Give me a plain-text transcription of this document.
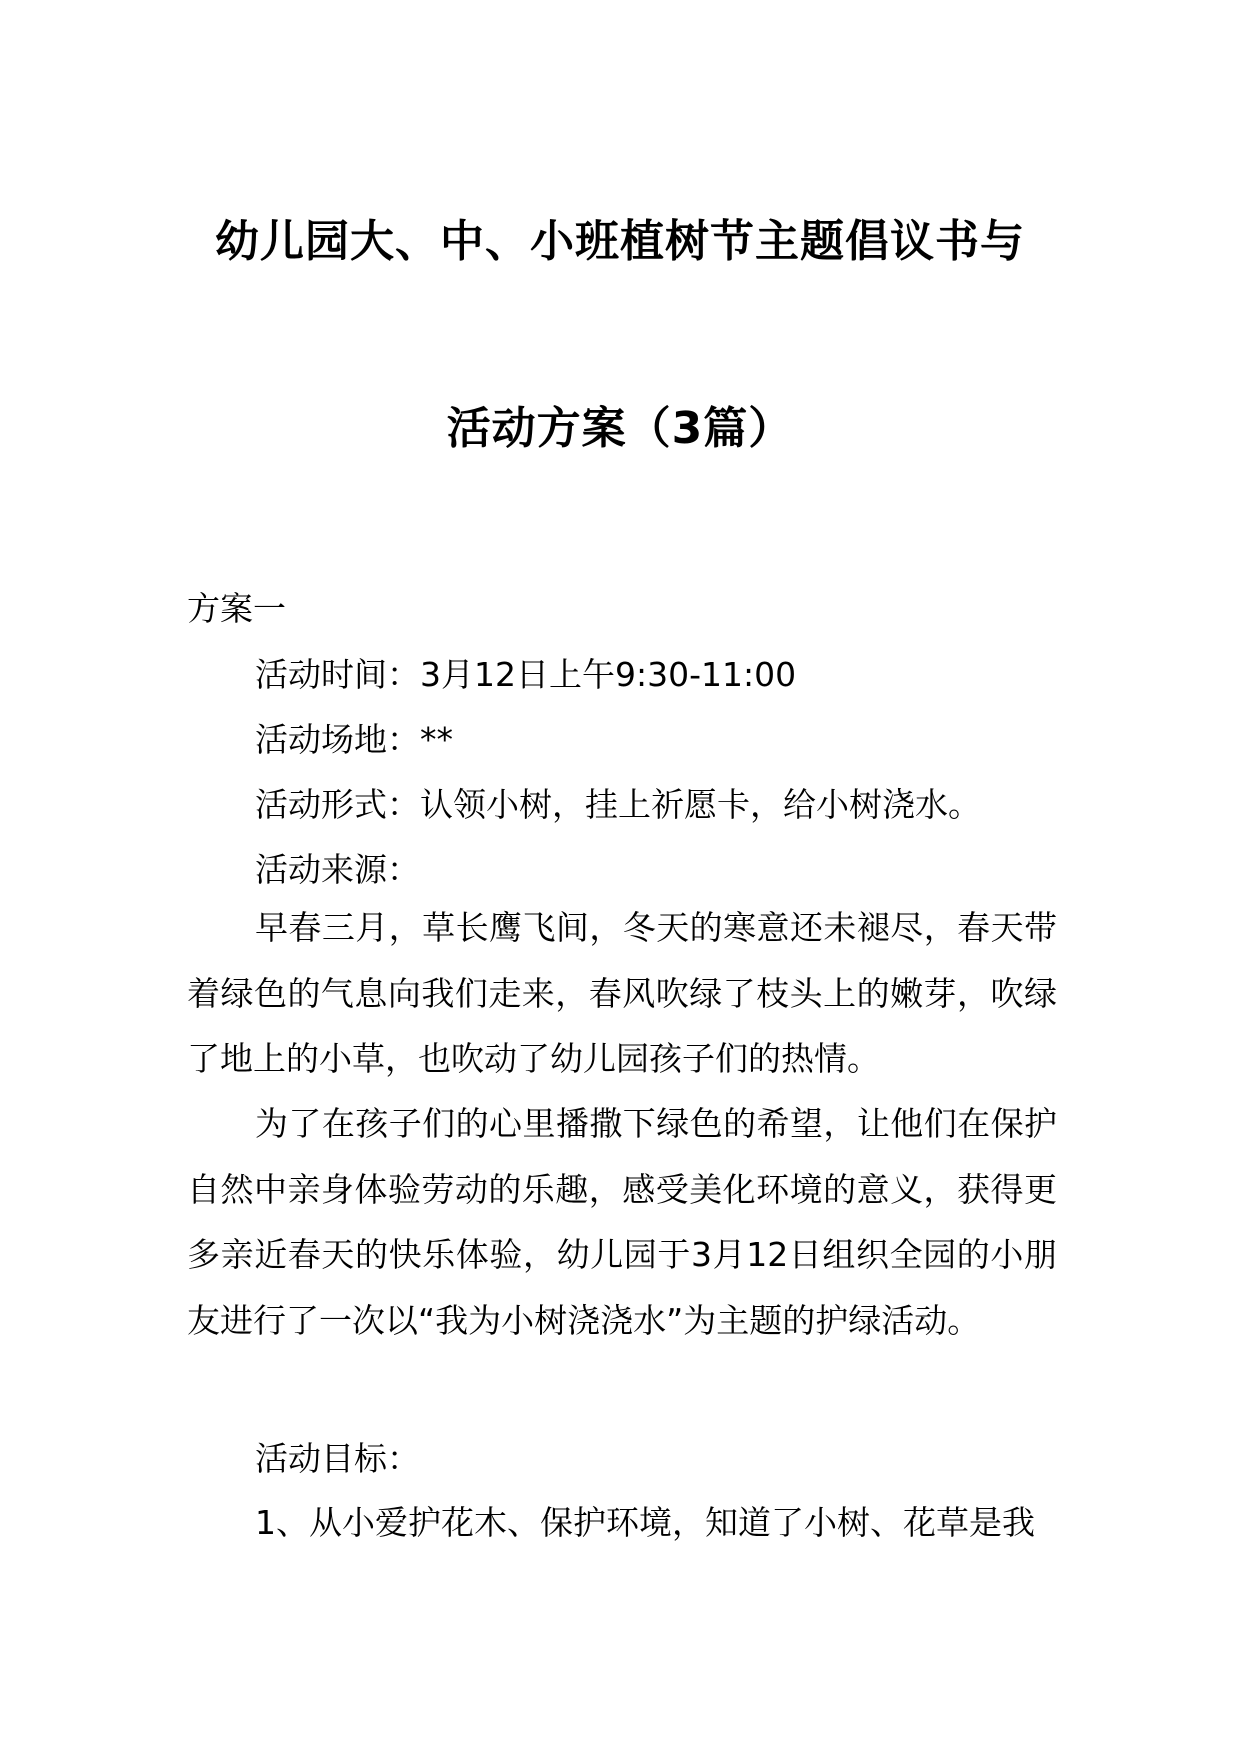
幼儿园大、中、小班植树节主题倡议书与
活动方案（3篇）
方案一
活动时间：3月12日上午9:30-11:00
活动场地：**
活动形式：认领小树，挂上祈愿卡，给小树浇水。
活动来源：
早春三月，草长鹰飞间，冬天的寒意还未褪尽，春天带着绿色的气息向我们走来，春风吹绿了枝头上的嫩芽，吹绿了地上的小草，也吹动了幼儿园孩子们的热情。
为了在孩子们的心里播撒下绿色的希望，让他们在保护自然中亲身体验劳动的乐趣，感受美化环境的意义，获得更多亲近春天的快乐体验，幼儿园于3月12日组织全园的小朋友进行了一次以“我为小树浇浇水”为主题的护绿活动。
活动目标：
1、从小爱护花木、保护环境，知道了小树、花草是我
